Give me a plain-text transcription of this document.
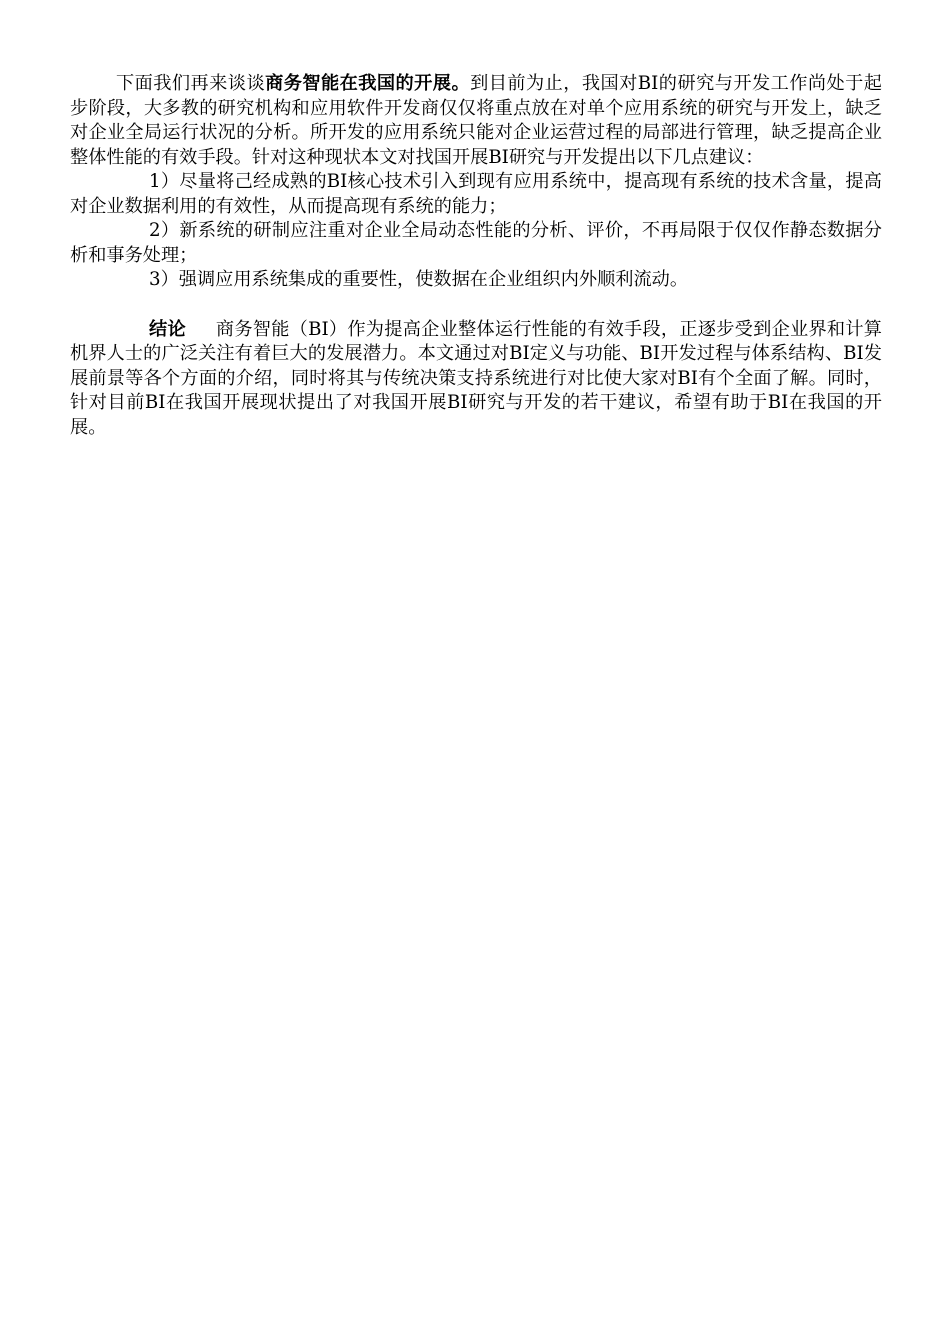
下面我们再来谈谈商务智能在我国的开展。到目前为止，我国对BI的研究与开发工作尚处于起步阶段，大多教的研究机构和应用软件开发商仅仅将重点放在对单个应用系统的研究与开发上，缺乏对企业全局运行状况的分析。所开发的应用系统只能对企业运营过程的局部进行管理，缺乏提高企业整体性能的有效手段。针对这种现状本文对找国开展BI研究与开发提出以下几点建议：

1）尽量将己经成熟的BI核心技术引入到现有应用系统中，提高现有系统的技术含量，提高对企业数据利用的有效性，从而提高现有系统的能力；

2）新系统的研制应注重对企业全局动态性能的分析、评价，不再局限于仅仅作静态数据分析和事务处理；

3）强调应用系统集成的重要性，使数据在企业组织内外顺利流动。

结论 商务智能（BI）作为提高企业整体运行性能的有效手段，正逐步受到企业界和计算机界人士的广泛关注有着巨大的发展潜力。本文通过对BI定义与功能、BI开发过程与体系结构、BI发展前景等各个方面的介绍，同时将其与传统决策支持系统进行对比使大家对BI有个全面了解。同时，针对目前BI在我国开展现状提出了对我国开展BI研究与开发的若干建议，希望有助于BI在我国的开展。
